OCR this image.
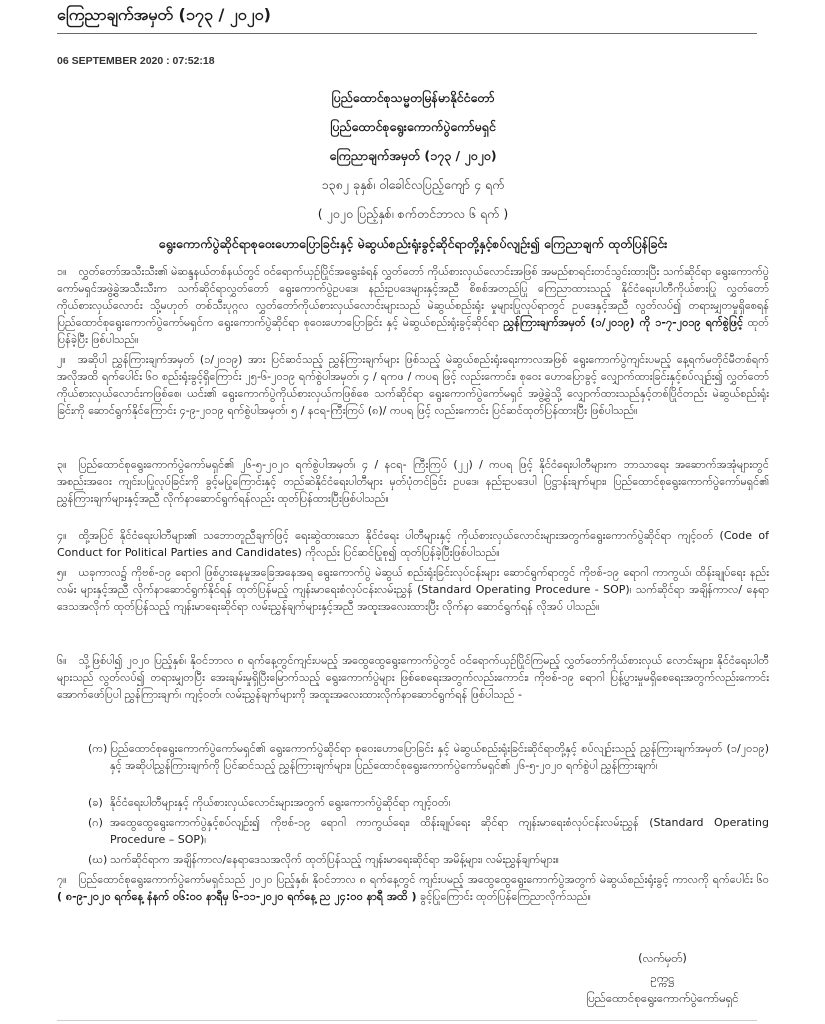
ကြေညာချက်အမှတ် (၁၇၃ / ၂၀၂၀)
06 SEPTEMBER 2020 : 07:52:18
ပြည်ထောင်စုသမ္မတမြန်မာနိုင်ငံတော်
ပြည်ထောင်စုရွေးကောက်ပွဲကော်မရှင်
ကြေညာချက်အမှတ် (၁၇၃ / ၂၀၂၀)
၁၃၈၂ ခုနှစ်၊ ဝါခေါင်လပြည့်ကျော် ၄ ရက်
( ၂၀၂၀ ပြည့်နှစ်၊ စက်တင်ဘာလ ၆ ရက် )
ရွေးကောက်ပွဲဆိုင်ရာစုဝေးဟောပြောခြင်းနှင့် မဲဆွယ်စည်းရုံးခွင့်ဆိုင်ရာတို့နှင့်စပ်လျဉ်း၍ ကြေညာချက် ထုတ်ပြန်ခြင်း
၁။ လွှတ်တော်အသီးသီး၏ မဲဆန္ဒနယ်တစ်နယ်တွင် ဝင်ရောက်ယှဉ်ပြိုင်အရွေးခံရန် လွှတ်တော် ကိုယ်စားလှယ်လောင်းအဖြစ် အမည်စာရင်းတင်သွင်းထားပြီး သက်ဆိုင်ရာ ရွေးကောက်ပွဲ ကော်မရှင်အဖွဲ့ခွဲအသီးသီးက သက်ဆိုင်ရာလွှတ်တော် ရွေးကောက်ပွဲဥပဒေ၊ နည်းဥပဒေများနှင့်အညီ စိစစ်အတည်ပြု ကြေညာထားသည့် နိုင်ငံရေးပါတီကိုယ်စားပြု လွှတ်တော်ကိုယ်စားလှယ်လောင်း သို့မဟုတ် တစ်သီးပုဂ္ဂလ လွှတ်တော်ကိုယ်စားလှယ်လောင်းများသည် မဲဆွယ်စည်းရုံး မှုများပြုလုပ်ရာတွင် ဥပဒေနှင့်အညီ လွတ်လပ်၍ တရားမျှတမှုရှိစေရန် ပြည်ထောင်စုရွေးကောက်ပွဲကော်မရှင်က ရွေးကောက်ပွဲဆိုင်ရာ စုဝေးဟောပြောခြင်း နှင့် မဲဆွယ်စည်းရုံးခွင့်ဆိုင်ရာ ညွှန်ကြားချက်အမှတ် (၁/၂၀၁၉) ကို ၁-၇-၂၀၁၉ ရက်စွဲဖြင့် ထုတ်ပြန်ခဲ့ပြီး ဖြစ်ပါသည်။
၂။ အဆိုပါ ညွှန်ကြားချက်အမှတ် (၁/၂၀၁၉) အား ပြင်ဆင်သည့် ညွှန်ကြားချက်များ ဖြစ်သည့် မဲဆွယ်စည်းရုံးရေးကာလအဖြစ် ရွေးကောက်ပွဲကျင်းပမည့် နေ့ရက်မတိုင်မီတစ်ရက်အလိုအထိ ရက်ပေါင်း ၆၀ စည်းရုံးခွင့်ရှိကြောင်း ၂၅-၆-၂၀၁၉ ရက်စွဲပါအမှတ်၊ ၄ / ရကဖ / ကပရ ဖြင့် လည်းကောင်း၊ စုဝေး ဟောပြောခွင့် လျှောက်ထားခြင်းနှင့်စပ်လျဉ်း၍ လွှတ်တော်ကိုယ်စားလှယ်လောင်းကဖြစ်စေ၊ ယင်း၏ ရွေးကောက်ပွဲကိုယ်စားလှယ်ကဖြစ်စေ သက်ဆိုင်ရာ ရွေးကောက်ပွဲကော်မရှင် အဖွဲ့ခွဲသို့ လျှောက်ထားသည်နှင့်တစ်ပြိုင်တည်း မဲဆွယ်စည်းရုံးခြင်းကို ဆောင်ရွက်နိုင်ကြောင်း ၄-၉-၂၀၁၉ ရက်စွဲပါအမှတ်၊ ၅ / နငရ-ကြီးကြပ် (၈)/ ကပရ ဖြင့် လည်းကောင်း ပြင်ဆင်ထုတ်ပြန်ထားပြီး ဖြစ်ပါသည်။
၃။ ပြည်ထောင်စုရွေးကောက်ပွဲကော်မရှင်၏ ၂၆-၅-၂၀၂၀ ရက်စွဲပါအမှတ်၊ ၄ / နငရ- ကြီးကြပ် (၂၂) / ကပရ ဖြင့် နိုင်ငံရေးပါတီများက ဘာသာရေး အဆောက်အအုံများတွင် အစည်းအဝေး ကျင်းပပြုလုပ်ခြင်းကို ခွင့်မပြုကြောင်းနှင့် တည်ဆဲနိုင်ငံရေးပါတီများ မှတ်ပုံတင်ခြင်း ဥပဒေ၊ နည်းဥပဒေပါ ပြဋ္ဌာန်းချက်များ၊ ပြည်ထောင်စုရွေးကောက်ပွဲကော်မရှင်၏ ညွှန်ကြားချက်များနှင့်အညီ လိုက်နာဆောင်ရွက်ရန်လည်း ထုတ်ပြန်ထားပြီးဖြစ်ပါသည်။
၄။ ထို့အပြင် နိုင်ငံရေးပါတီများ၏ သဘောတူညီချက်ဖြင့် ရေးဆွဲထားသော နိုင်ငံရေး ပါတီများနှင့် ကိုယ်စားလှယ်လောင်းများအတွက်ရွေးကောက်ပွဲဆိုင်ရာ ကျင့်ဝတ် (Code of Conduct for Political Parties and Candidates) ကိုလည်း ပြင်ဆင်ပြုစု၍ ထုတ်ပြန်ခဲ့ပြီးဖြစ်ပါသည်။
၅။ ယခုကာလ၌ ကိုဗစ်-၁၉ ရောဂါ ဖြစ်ပွားနေမှုအခြေအနေအရ ရွေးကောက်ပွဲ မဲဆွယ် စည်းရုံးခြင်းလုပ်ငန်းများ ဆောင်ရွက်ရာတွင် ကိုဗစ်-၁၉ ရောဂါ ကာကွယ်၊ ထိန်းချုပ်ရေး နည်းလမ်း များနှင့်အညီ လိုက်နာဆောင်ရွက်နိုင်ရန် ထုတ်ပြန်မည့် ကျန်းမာရေးစံလုပ်ငန်းလမ်းညွှန် (Standard Operating Procedure - SOP)၊ သက်ဆိုင်ရာ အချိန်ကာလ/ နေရာဒေသအလိုက် ထုတ်ပြန်သည့် ကျန်းမာရေးဆိုင်ရာ လမ်းညွှန်ချက်များနှင့်အညီ အထူးအလေးထားပြီး လိုက်နာ ဆောင်ရွက်ရန် လိုအပ် ပါသည်။
၆။ သို့ဖြစ်ပါ၍ ၂၀၂၀ ပြည့်နှစ်၊ နိုဝင်ဘာလ ၈ ရက်နေ့တွင်ကျင်းပမည့် အထွေထွေရွေးကောက်ပွဲတွင် ဝင်ရောက်ယှဉ်ပြိုင်ကြမည့် လွှတ်တော်ကိုယ်စားလှယ် လောင်းများ၊ နိုင်ငံရေးပါတီများသည် လွတ်လပ်၍ တရားမျှတပြီး အေးချမ်းမှုရှိပြီးမြောက်သည့် ရွေးကောက်ပွဲများ ဖြစ်စေရေးအတွက်လည်းကောင်း၊ ကိုဗစ်-၁၉ ရောဂါ ပြန့်ပွားမှုမရှိစေရေးအတွက်လည်းကောင်း အောက်ဖော်ပြပါ ညွှန်ကြားချက်၊ ကျင့်ဝတ်၊ လမ်းညွှန်ချက်များကို အထူးအလေးထားလိုက်နာဆောင်ရွက်ရန် ဖြစ်ပါသည် -
(က) ပြည်ထောင်စုရွေးကောက်ပွဲကော်မရှင်၏ ရွေးကောက်ပွဲဆိုင်ရာ စုဝေးဟောပြောခြင်း နှင့် မဲဆွယ်စည်းရုံးခြင်းဆိုင်ရာတို့နှင့် စပ်လျဉ်းသည့် ညွှန်ကြားချက်အမှတ် (၁/၂၀၁၉) နှင့် အဆိုပါညွှန်ကြားချက်ကို ပြင်ဆင်သည့် ညွှန်ကြားချက်များ၊ ပြည်ထောင်စုရွေးကောက်ပွဲကော်မရှင်၏ ၂၆-၅-၂၀၂၀ ရက်စွဲပါ ညွှန်ကြားချက်၊
(ခ) နိုင်ငံရေးပါတီများနှင့် ကိုယ်စားလှယ်လောင်းများအတွက် ရွေးကောက်ပွဲဆိုင်ရာ ကျင့်ဝတ်၊
(ဂ) အထွေထွေရွေးကောက်ပွဲနှင့်စပ်လျဉ်း၍ ကိုဗစ်-၁၉ ရောဂါ ကာကွယ်ရေး၊ ထိန်းချုပ်ရေး ဆိုင်ရာ ကျန်းမာရေးစံလုပ်ငန်းလမ်းညွှန် (Standard Operating Procedure – SOP)၊
(ဃ) သက်ဆိုင်ရာက အချိန်ကာလ/နေရာဒေသအလိုက် ထုတ်ပြန်သည့် ကျန်းမာရေးဆိုင်ရာ အမိန့်များ၊ လမ်းညွှန်ချက်များ။
၇။ ပြည်ထောင်စုရွေးကောက်ပွဲကော်မရှင်သည် ၂၀၂၀ ပြည့်နှစ်၊ နိုဝင်ဘာလ ၈ ရက်နေ့တွင် ကျင်းပမည့် အထွေထွေရွေးကောက်ပွဲအတွက် မဲဆွယ်စည်းရုံးခွင့် ကာလကို ရက်ပေါင်း ၆၀ ( ၈-၉-၂၀၂၀ ရက်နေ့ နံနက် ၀၆:၀၀ နာရီမှ ၆-၁၁-၂၀၂၀ ရက်နေ့ ည ၂၄:၀၀ နာရီ အထိ ) ခွင့်ပြုကြောင်း ထုတ်ပြန်ကြေညာလိုက်သည်။
(လက်မှတ်)
ဥက္ကဋ္ဌ
ပြည်ထောင်စုရွေးကောက်ပွဲကော်မရှင်
